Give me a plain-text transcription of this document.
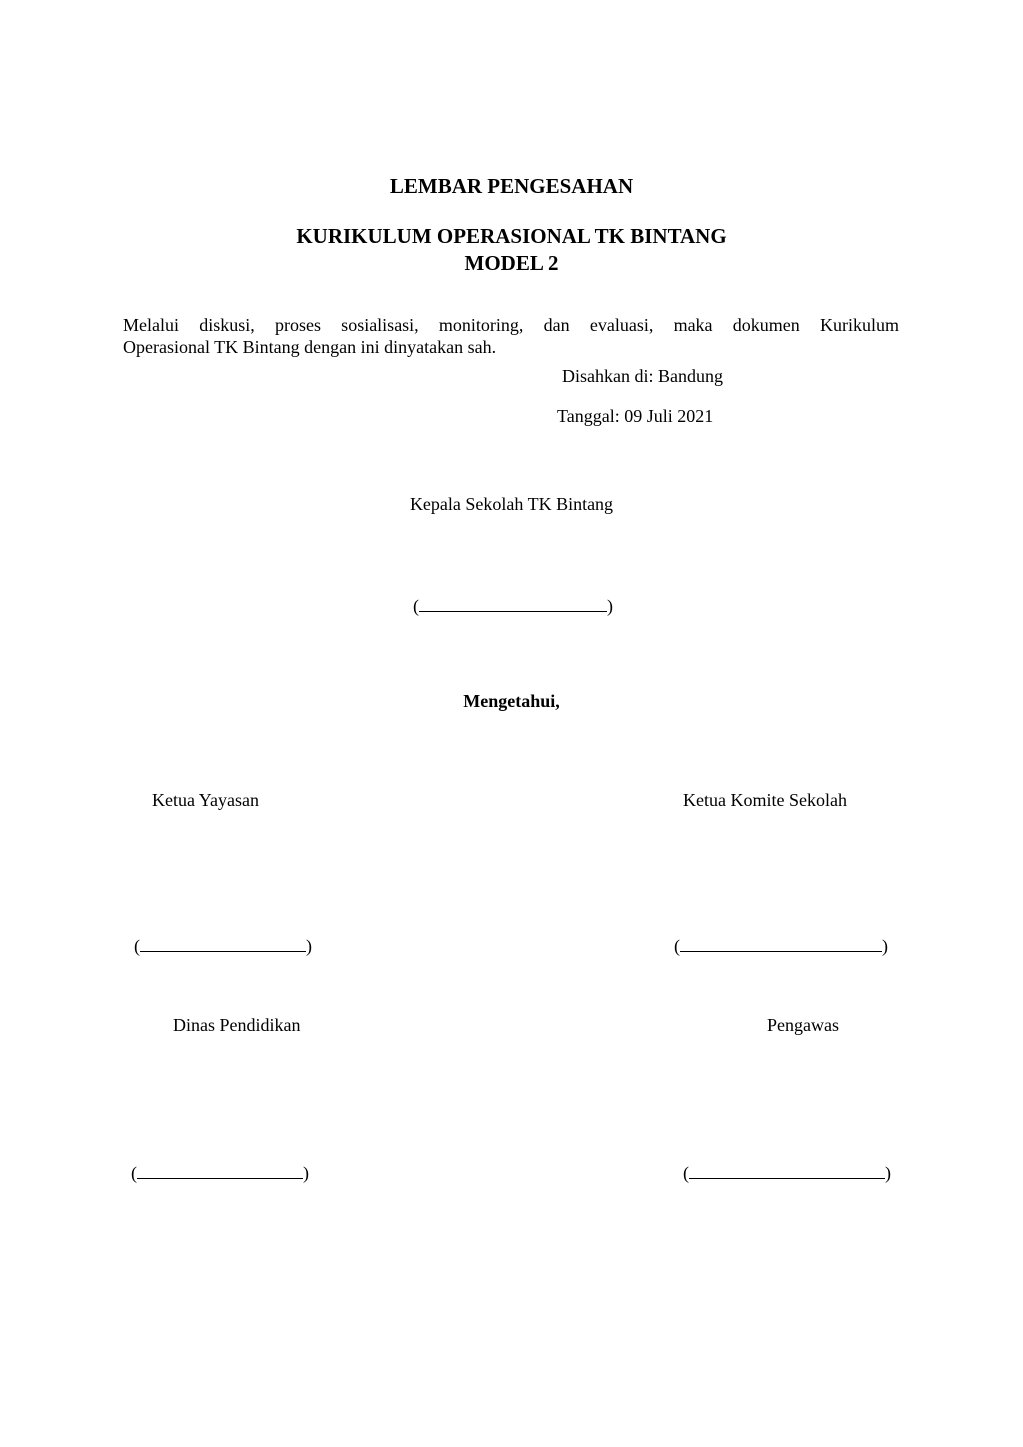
LEMBAR PENGESAHAN
KURIKULUM OPERASIONAL TK BINTANG
MODEL 2
Melalui diskusi, proses sosialisasi, monitoring, dan evaluasi, maka dokumen Kurikulum
Operasional TK Bintang dengan ini dinyatakan sah.
Disahkan di: Bandung
Tanggal: 09 Juli 2021
Kepala Sekolah TK Bintang
(	)
Mengetahui,
Ketua Yayasan	Ketua Komite Sekolah
(	)	(	)
Dinas Pendidikan	Pengawas
(	)	(	)
